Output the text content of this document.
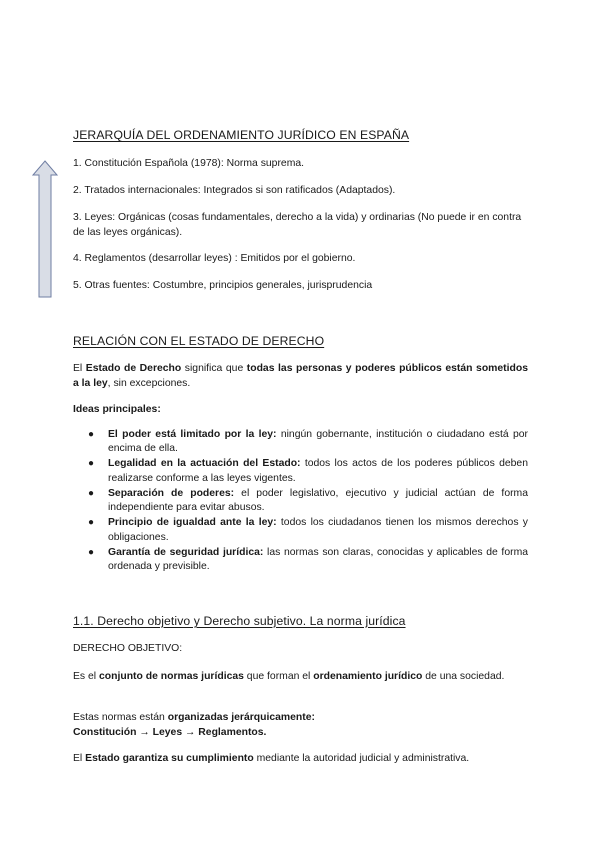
JERARQUÍA DEL ORDENAMIENTO JURÍDICO EN ESPAÑA
1. Constitución Española (1978): Norma suprema.
2. Tratados internacionales: Integrados si son ratificados (Adaptados).
3. Leyes: Orgánicas (cosas fundamentales, derecho a la vida) y ordinarias (No puede ir en contra de las leyes orgánicas).
4. Reglamentos (desarrollar leyes) : Emitidos por el gobierno.
5. Otras fuentes: Costumbre, principios generales, jurisprudencia
RELACIÓN CON EL ESTADO DE DERECHO
El Estado de Derecho significa que todas las personas y poderes públicos están sometidos a la ley, sin excepciones.
Ideas principales:
● El poder está limitado por la ley: ningún gobernante, institución o ciudadano está por encima de ella.
● Legalidad en la actuación del Estado: todos los actos de los poderes públicos deben realizarse conforme a las leyes vigentes.
● Separación de poderes: el poder legislativo, ejecutivo y judicial actúan de forma independiente para evitar abusos.
● Principio de igualdad ante la ley: todos los ciudadanos tienen los mismos derechos y obligaciones.
● Garantía de seguridad jurídica: las normas son claras, conocidas y aplicables de forma ordenada y previsible.
1.1. Derecho objetivo y Derecho subjetivo. La norma jurídica
DERECHO OBJETIVO:
Es el conjunto de normas jurídicas que forman el ordenamiento jurídico de una sociedad.
Estas normas están organizadas jerárquicamente:
Constitución → Leyes → Reglamentos.
El Estado garantiza su cumplimiento mediante la autoridad judicial y administrativa.
